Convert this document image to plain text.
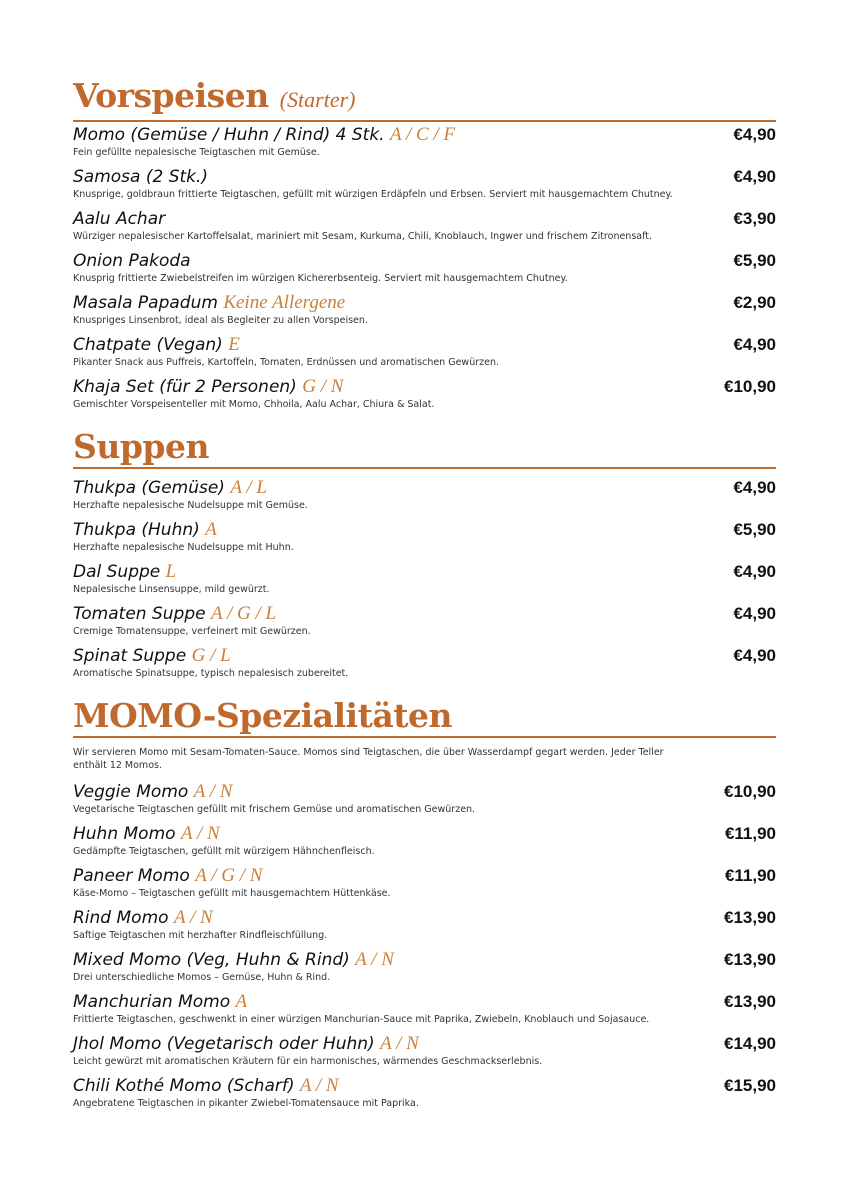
Vorspeisen (Starter)
Momo (Gemüse / Huhn / Rind) 4 Stk. A / C / F	€4,90
Fein gefüllte nepalesische Teigtaschen mit Gemüse.
Samosa (2 Stk.)	€4,90
Knusprige, goldbraun frittierte Teigtaschen, gefüllt mit würzigen Erdäpfeln und Erbsen. Serviert mit hausgemachtem Chutney.
Aalu Achar	€3,90
Würziger nepalesischer Kartoffelsalat, mariniert mit Sesam, Kurkuma, Chili, Knoblauch, Ingwer und frischem Zitronensaft.
Onion Pakoda	€5,90
Knusprig frittierte Zwiebelstreifen im würzigen Kichererbsenteig. Serviert mit hausgemachtem Chutney.
Masala Papadum Keine Allergene	€2,90
Knuspriges Linsenbrot, ideal als Begleiter zu allen Vorspeisen.
Chatpate (Vegan) E	€4,90
Pikanter Snack aus Puffreis, Kartoffeln, Tomaten, Erdnüssen und aromatischen Gewürzen.
Khaja Set (für 2 Personen) G / N	€10,90
Gemischter Vorspeisenteller mit Momo, Chhoila, Aalu Achar, Chiura & Salat.
Suppen
Thukpa (Gemüse) A / L	€4,90
Herzhafte nepalesische Nudelsuppe mit Gemüse.
Thukpa (Huhn) A	€5,90
Herzhafte nepalesische Nudelsuppe mit Huhn.
Dal Suppe L	€4,90
Nepalesische Linsensuppe, mild gewürzt.
Tomaten Suppe A / G / L	€4,90
Cremige Tomatensuppe, verfeinert mit Gewürzen.
Spinat Suppe G / L	€4,90
Aromatische Spinatsuppe, typisch nepalesisch zubereitet.
MOMO-Spezialitäten
Wir servieren Momo mit Sesam-Tomaten-Sauce. Momos sind Teigtaschen, die über Wasserdampf gegart werden. Jeder Teller
enthält 12 Momos.
Veggie Momo A / N	€10,90
Vegetarische Teigtaschen gefüllt mit frischem Gemüse und aromatischen Gewürzen.
Huhn Momo A / N	€11,90
Gedämpfte Teigtaschen, gefüllt mit würzigem Hähnchenfleisch.
Paneer Momo A / G / N	€11,90
Käse-Momo – Teigtaschen gefüllt mit hausgemachtem Hüttenkäse.
Rind Momo A / N	€13,90
Saftige Teigtaschen mit herzhafter Rindfleischfüllung.
Mixed Momo (Veg, Huhn & Rind) A / N	€13,90
Drei unterschiedliche Momos – Gemüse, Huhn & Rind.
Manchurian Momo A	€13,90
Frittierte Teigtaschen, geschwenkt in einer würzigen Manchurian-Sauce mit Paprika, Zwiebeln, Knoblauch und Sojasauce.
Jhol Momo (Vegetarisch oder Huhn) A / N	€14,90
Leicht gewürzt mit aromatischen Kräutern für ein harmonisches, wärmendes Geschmackserlebnis.
Chili Kothé Momo (Scharf) A / N	€15,90
Angebratene Teigtaschen in pikanter Zwiebel-Tomatensauce mit Paprika.
